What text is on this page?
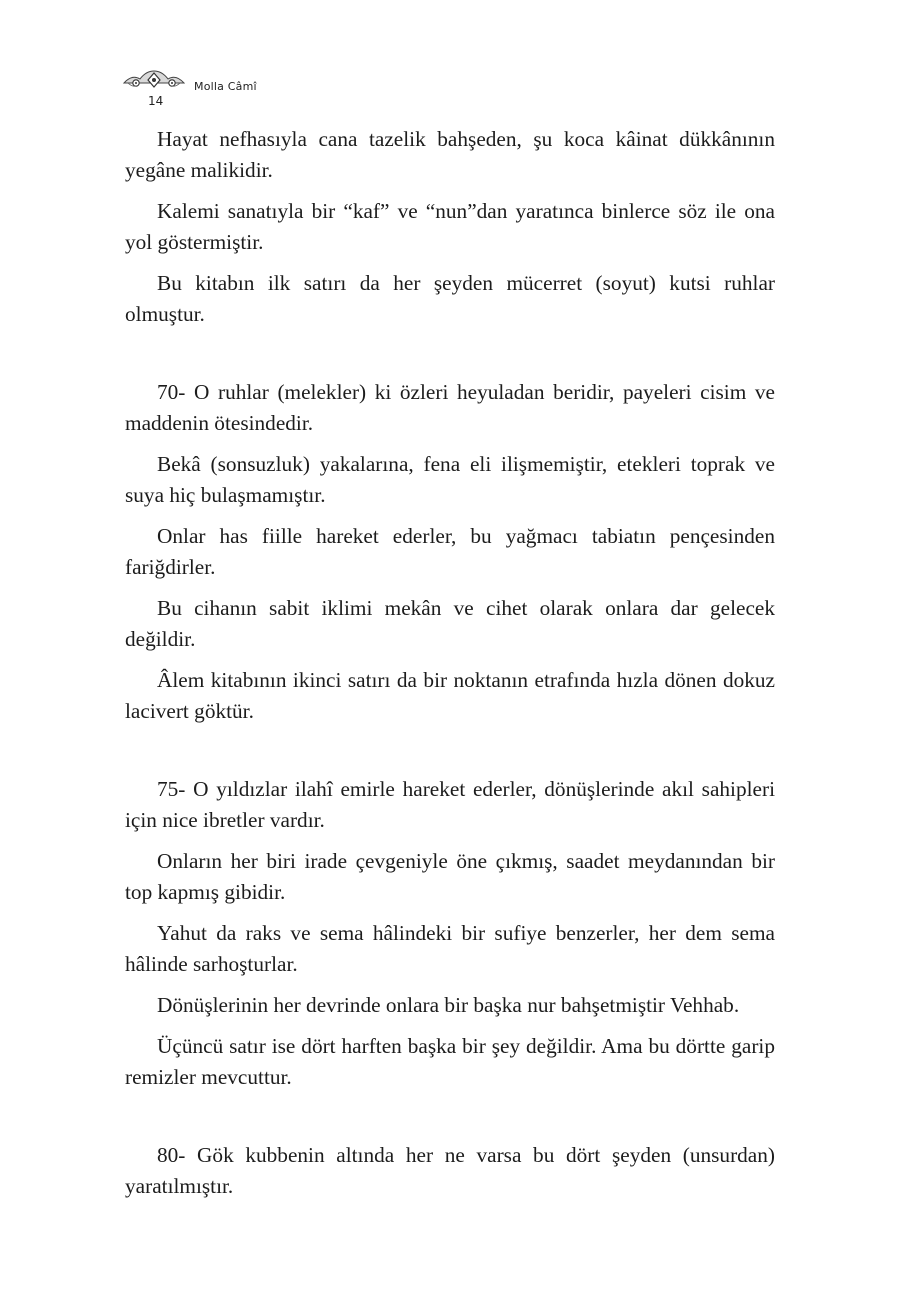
14
Molla Câmî

Hayat nefhasıyla cana tazelik bahşeden, şu koca kâinat dükkânının yegâne malikidir.

Kalemi sanatıyla bir “kaf” ve “nun”dan yaratınca binlerce söz ile ona yol göstermiştir.

Bu kitabın ilk satırı da her şeyden mücerret (soyut) kutsi ruhlar olmuştur.

70- O ruhlar (melekler) ki özleri heyuladan beridir, payeleri cisim ve maddenin ötesindedir.

Bekâ (sonsuzluk) yakalarına, fena eli ilişmemiştir, etekleri toprak ve suya hiç bulaşmamıştır.

Onlar has fiille hareket ederler, bu yağmacı tabiatın pençesinden fariğdirler.

Bu cihanın sabit iklimi mekân ve cihet olarak onlara dar gelecek değildir.

Âlem kitabının ikinci satırı da bir noktanın etrafında hızla dönen dokuz lacivert göktür.

75- O yıldızlar ilahî emirle hareket ederler, dönüşlerinde akıl sahipleri için nice ibretler vardır.

Onların her biri irade çevgeniyle öne çıkmış, saadet meydanından bir top kapmış gibidir.

Yahut da raks ve sema hâlindeki bir sufiye benzerler, her dem sema hâlinde sarhoşturlar.

Dönüşlerinin her devrinde onlara bir başka nur bahşetmiştir Vehhab.

Üçüncü satır ise dört harften başka bir şey değildir. Ama bu dörtte garip remizler mevcuttur.

80- Gök kubbenin altında her ne varsa bu dört şeyden (unsurdan) yaratılmıştır.
